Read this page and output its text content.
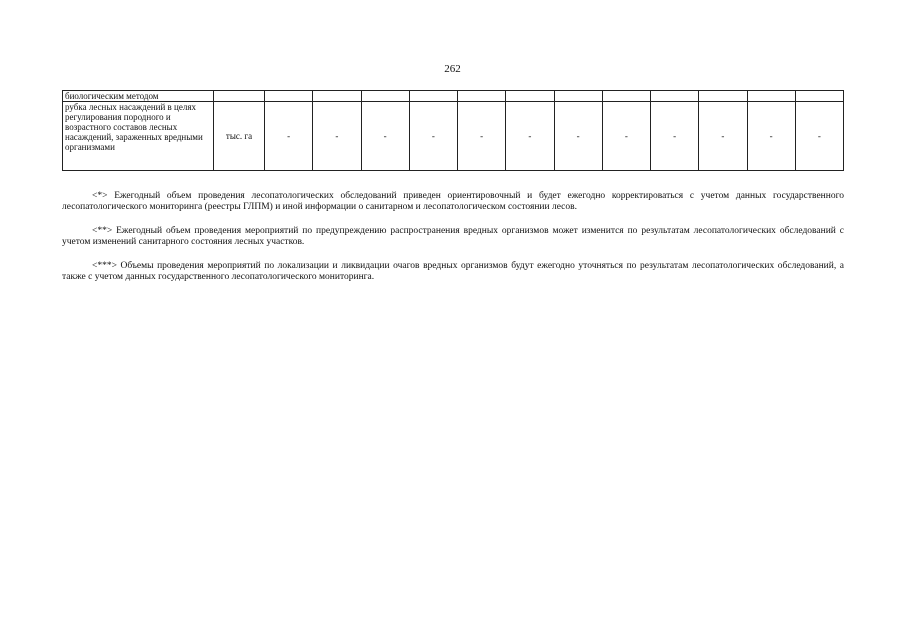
262
биологическим методом													
рубка лесных насаждений в целях регулирования породного и возрастного составов лесных насаждений, зараженных вредными организмами	тыс. га	-	-	-	-	-	-	-	-	-	-	-	-

<*> Ежегодный объем проведения лесопатологических обследований приведен ориентировочный и будет ежегодно корректироваться с учетом данных государственного лесопатологического мониторинга (реестры ГЛПМ) и иной информации о санитарном и лесопатологическом состоянии лесов.

<**> Ежегодный объем проведения мероприятий по предупреждению распространения вредных организмов может изменится по результатам лесопатологических обследований с учетом изменений санитарного состояния лесных участков.

<***> Объемы проведения мероприятий по локализации и ликвидации очагов вредных организмов будут ежегодно уточняться по результатам лесопатологических обследований, а также с учетом данных государственного лесопатологического мониторинга.
